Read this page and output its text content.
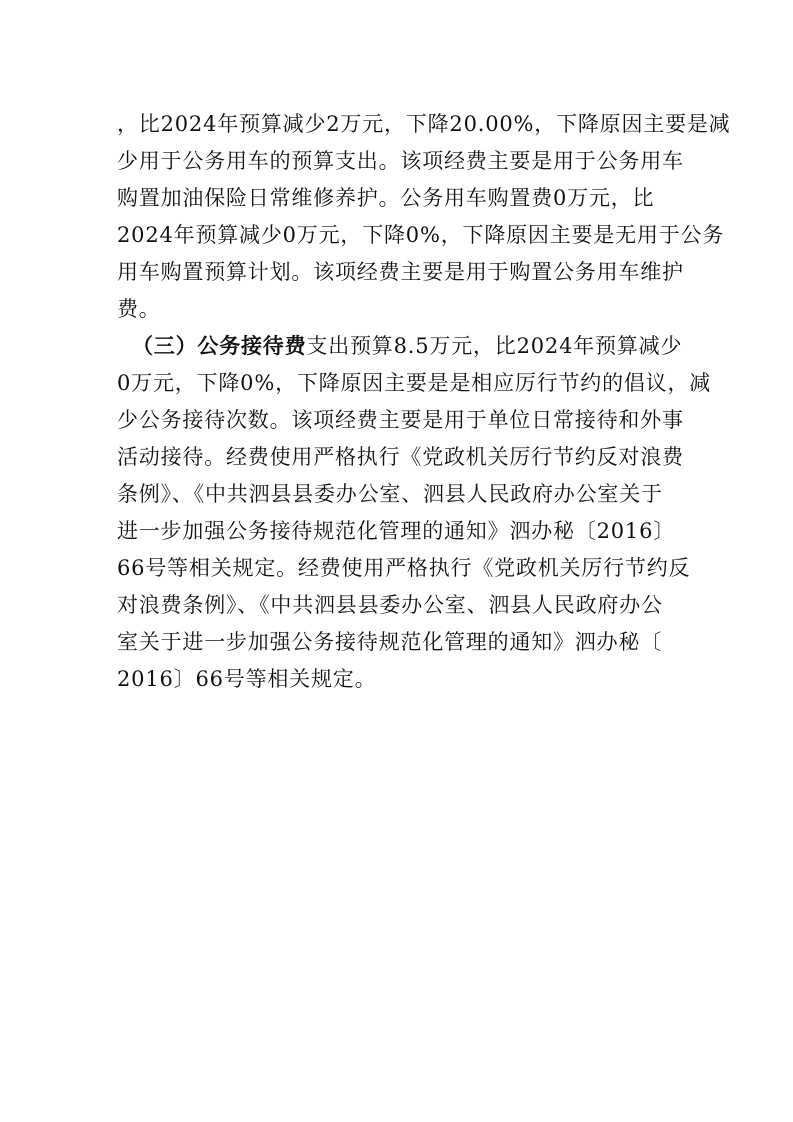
，比2024年预算减少2万元，下降20.00%，下降原因主要是减
少用于公务用车的预算支出。该项经费主要是用于公务用车
购置加油保险日常维修养护。公务用车购置费0万元，比
2024年预算减少0万元，下降0%，下降原因主要是无用于公务
用车购置预算计划。该项经费主要是用于购置公务用车维护
费。
（三）公务接待费支出预算8.5万元，比2024年预算减少
0万元，下降0%，下降原因主要是是相应厉行节约的倡议，减
少公务接待次数。该项经费主要是用于单位日常接待和外事
活动接待。经费使用严格执行《党政机关厉行节约反对浪费
条例》、《中共泗县县委办公室、泗县人民政府办公室关于
进一步加强公务接待规范化管理的通知》泗办秘〔2016〕
66号等相关规定。经费使用严格执行《党政机关厉行节约反
对浪费条例》、《中共泗县县委办公室、泗县人民政府办公
室关于进一步加强公务接待规范化管理的通知》泗办秘〔
2016〕66号等相关规定。
